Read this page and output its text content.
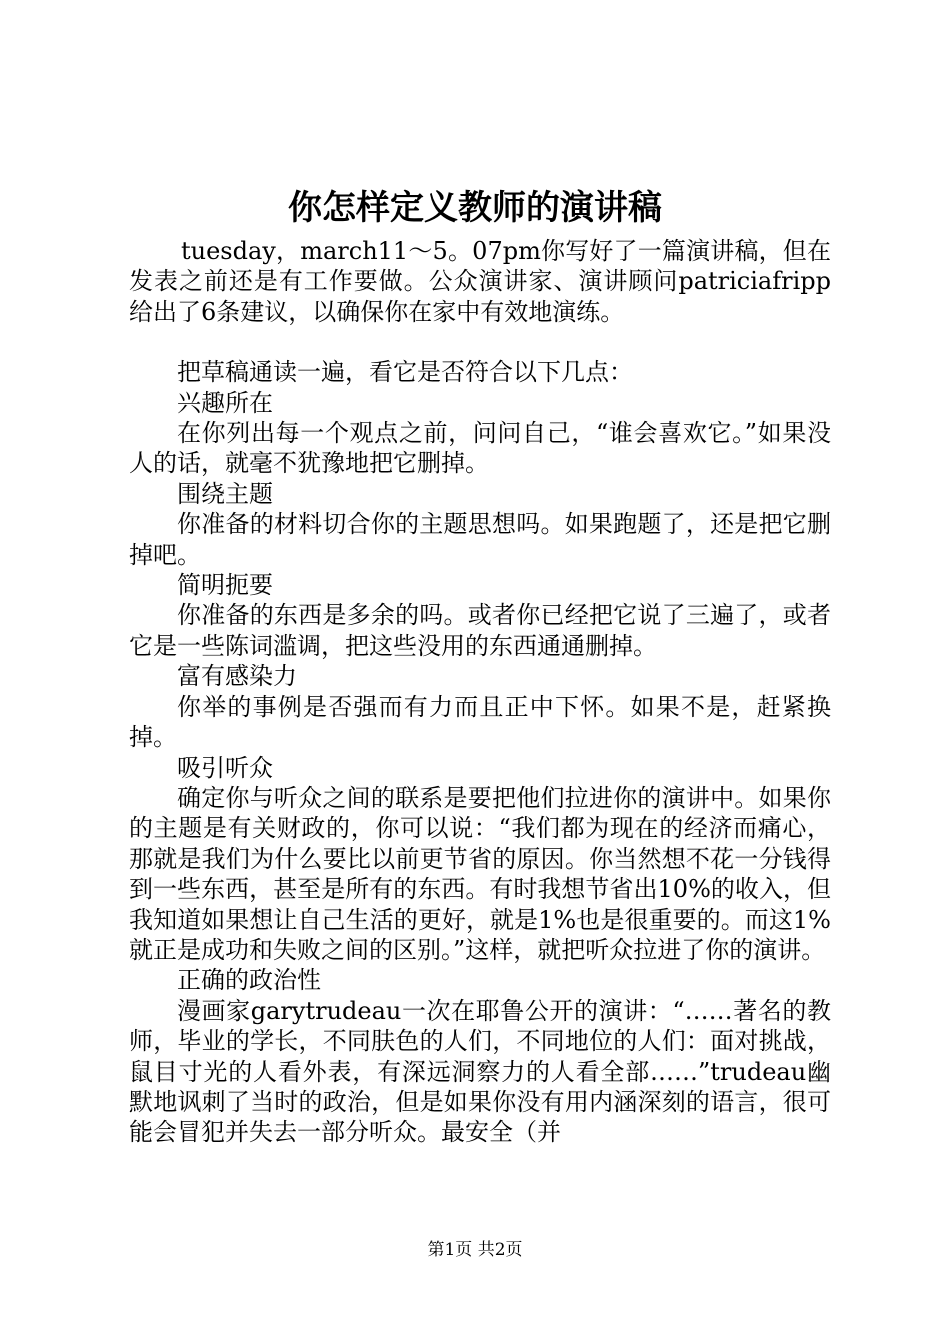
你怎样定义教师的演讲稿

tuesday，march11～5。07pm你写好了一篇演讲稿，但在发表之前还是有工作要做。公众演讲家、演讲顾问patriciafripp给出了6条建议，以确保你在家中有效地演练。

把草稿通读一遍，看它是否符合以下几点：

兴趣所在

在你列出每一个观点之前，问问自己，“谁会喜欢它。”如果没人的话，就毫不犹豫地把它删掉。

围绕主题

你准备的材料切合你的主题思想吗。如果跑题了，还是把它删掉吧。

简明扼要

你准备的东西是多余的吗。或者你已经把它说了三遍了，或者它是一些陈词滥调，把这些没用的东西通通删掉。

富有感染力

你举的事例是否强而有力而且正中下怀。如果不是，赶紧换掉。

吸引听众

确定你与听众之间的联系是要把他们拉进你的演讲中。如果你的主题是有关财政的，你可以说：“我们都为现在的经济而痛心，那就是我们为什么要比以前更节省的原因。你当然想不花一分钱得到一些东西，甚至是所有的东西。有时我想节省出10%的收入，但我知道如果想让自己生活的更好，就是1%也是很重要的。而这1%就正是成功和失败之间的区别。”这样，就把听众拉进了你的演讲。

正确的政治性

漫画家garytrudeau一次在耶鲁公开的演讲：“……著名的教师，毕业的学长，不同肤色的人们，不同地位的人们：面对挑战，鼠目寸光的人看外表，有深远洞察力的人看全部……”trudeau幽默地讽刺了当时的政治，但是如果你没有用内涵深刻的语言，很可能会冒犯并失去一部分听众。最安全（并

第1页 共2页
